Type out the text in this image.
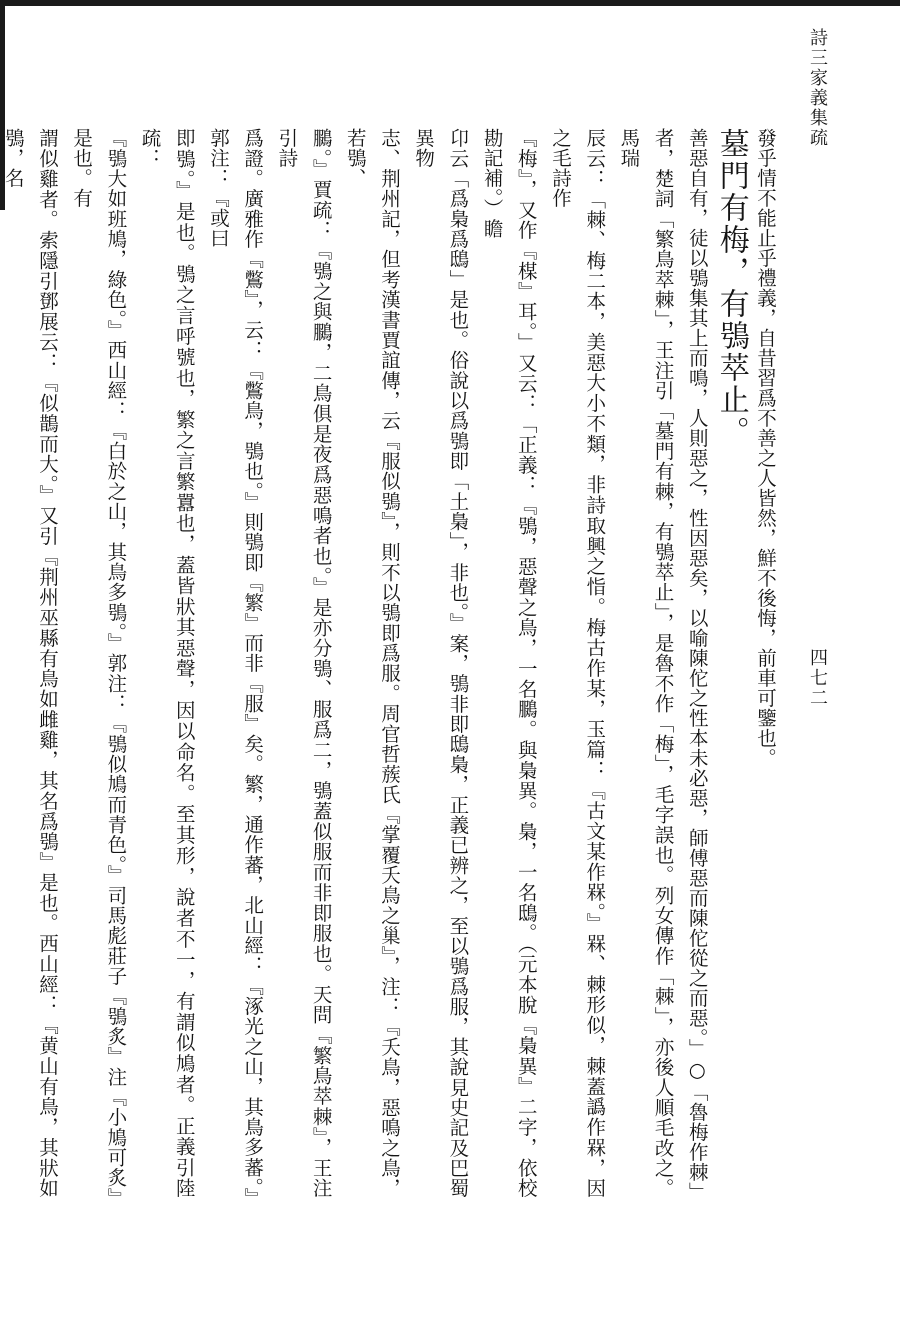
詩三家義集疏
四七二
發乎情不能止乎禮義，自昔習爲不善之人皆然，鮮不後悔，前車可鑒也。
墓門有梅，有鴞萃止。
善惡自有，徒以鴞集其上而鳴，人則惡之，性因惡矣，以喻陳佗之性本未必惡，師傅惡而陳佗從之而惡。」○「魯梅作棘」
者，楚詞「繁鳥萃棘」，王注引「墓門有棘，有鴞萃止」，是魯不作「梅」，毛字誤也。列女傳作「棘」，亦後人順毛改之。馬瑞
辰云：「棘、梅二本，美惡大小不類，非詩取興之恉。梅古作某，玉篇：『古文某作槑。』槑、棘形似，棘蓋譌作槑，因之毛詩作
『梅』，又作『楳』耳。」又云：「正義：『鴞，惡聲之鳥，一名鵩。與梟異。梟，一名鴟。（元本脫『梟異』二字，依校勘記補。）瞻
卬云「爲梟爲鴟」是也。俗說以爲鴞即「土梟」，非也。』案，鴞非即鴟梟，正義已辨之，至以鴞爲服，其說見史記及巴蜀異物
志、荆州記，但考漢書賈誼傳，云『服似鴞』，則不以鴞即爲服。周官哲蔟氏『掌覆夭鳥之巢』，注：『夭鳥，惡鳴之鳥，若鴞、
鵩。』賈疏：『鴞之與鵩，二鳥俱是夜爲惡鳴者也。』是亦分鴞、服爲二，鴞蓋似服而非即服也。天問『繁鳥萃棘』，王注引詩
爲證。廣雅作『鷩』，云：『鷩鳥，鴞也。』則鴞即『繁』而非『服』矣。繁，通作蕃，北山經：『涿光之山，其鳥多蕃。』郭注：『或曰
即鴞。』是也。鴞之言呼號也，繁之言繁囂也，蓋皆狀其惡聲，因以命名。至其形，說者不一，有謂似鳩者。正義引陸疏：
『鴞大如班鳩，綠色。』西山經：『白於之山，其鳥多鴞。』郭注：『鴞似鳩而青色。』司馬彪莊子『鴞炙』注『小鳩可炙』是也。有
謂似雞者。索隱引鄧展云：『似鵲而大。』又引『荆州巫縣有鳥如雌雞，其名爲鴞』是也。西山經：『黄山有鳥，其狀如鴞，名
